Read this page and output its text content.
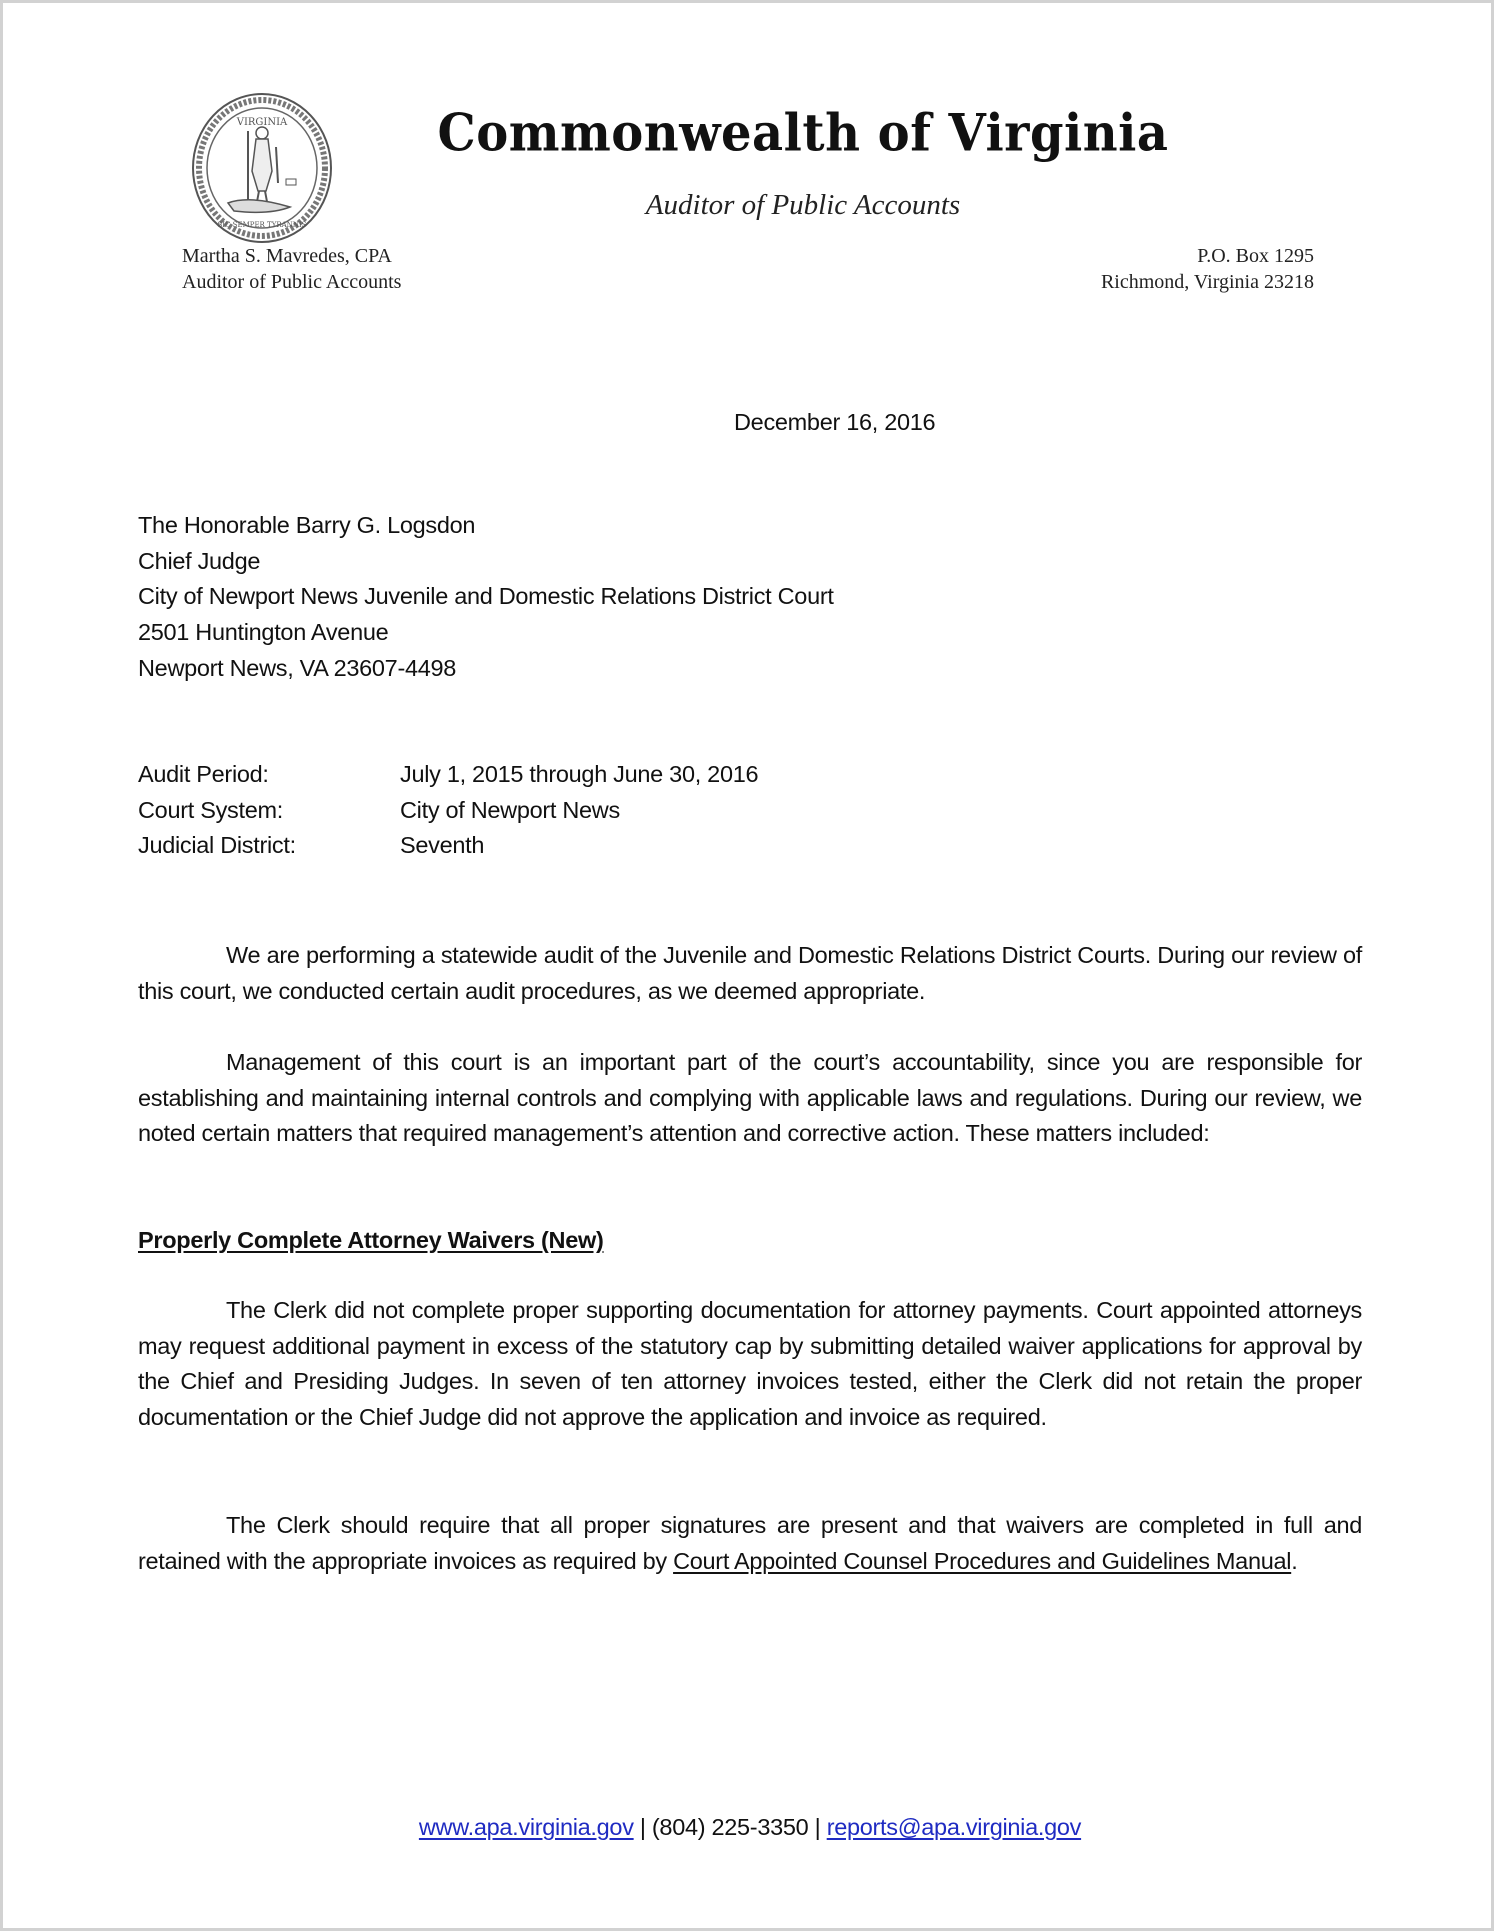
VIRGINIA
SIC SEMPER TYRANNIS
Commonwealth of Virginia
Auditor of Public Accounts
Martha S. Mavredes, CPA
Auditor of Public Accounts
P.O. Box 1295
Richmond, Virginia 23218
December 16, 2016
The Honorable Barry G. Logsdon
Chief Judge
City of Newport News Juvenile and Domestic Relations District Court
2501 Huntington Avenue
Newport News, VA 23607-4498
Audit Period:	July 1, 2015 through June 30, 2016
Court System:	City of Newport News
Judicial District:	Seventh

We are performing a statewide audit of the Juvenile and Domestic Relations District Courts. During our review of this court, we conducted certain audit procedures, as we deemed appropriate.

Management of this court is an important part of the court’s accountability, since you are responsible for establishing and maintaining internal controls and complying with applicable laws and regulations. During our review, we noted certain matters that required management’s attention and corrective action. These matters included:

Properly Complete Attorney Waivers (New)

The Clerk did not complete proper supporting documentation for attorney payments. Court appointed attorneys may request additional payment in excess of the statutory cap by submitting detailed waiver applications for approval by the Chief and Presiding Judges. In seven of ten attorney invoices tested, either the Clerk did not retain the proper documentation or the Chief Judge did not approve the application and invoice as required.

The Clerk should require that all proper signatures are present and that waivers are completed in full and retained with the appropriate invoices as required by Court Appointed Counsel Procedures and Guidelines Manual.

www.apa.virginia.gov | (804) 225-3350 | reports@apa.virginia.gov
